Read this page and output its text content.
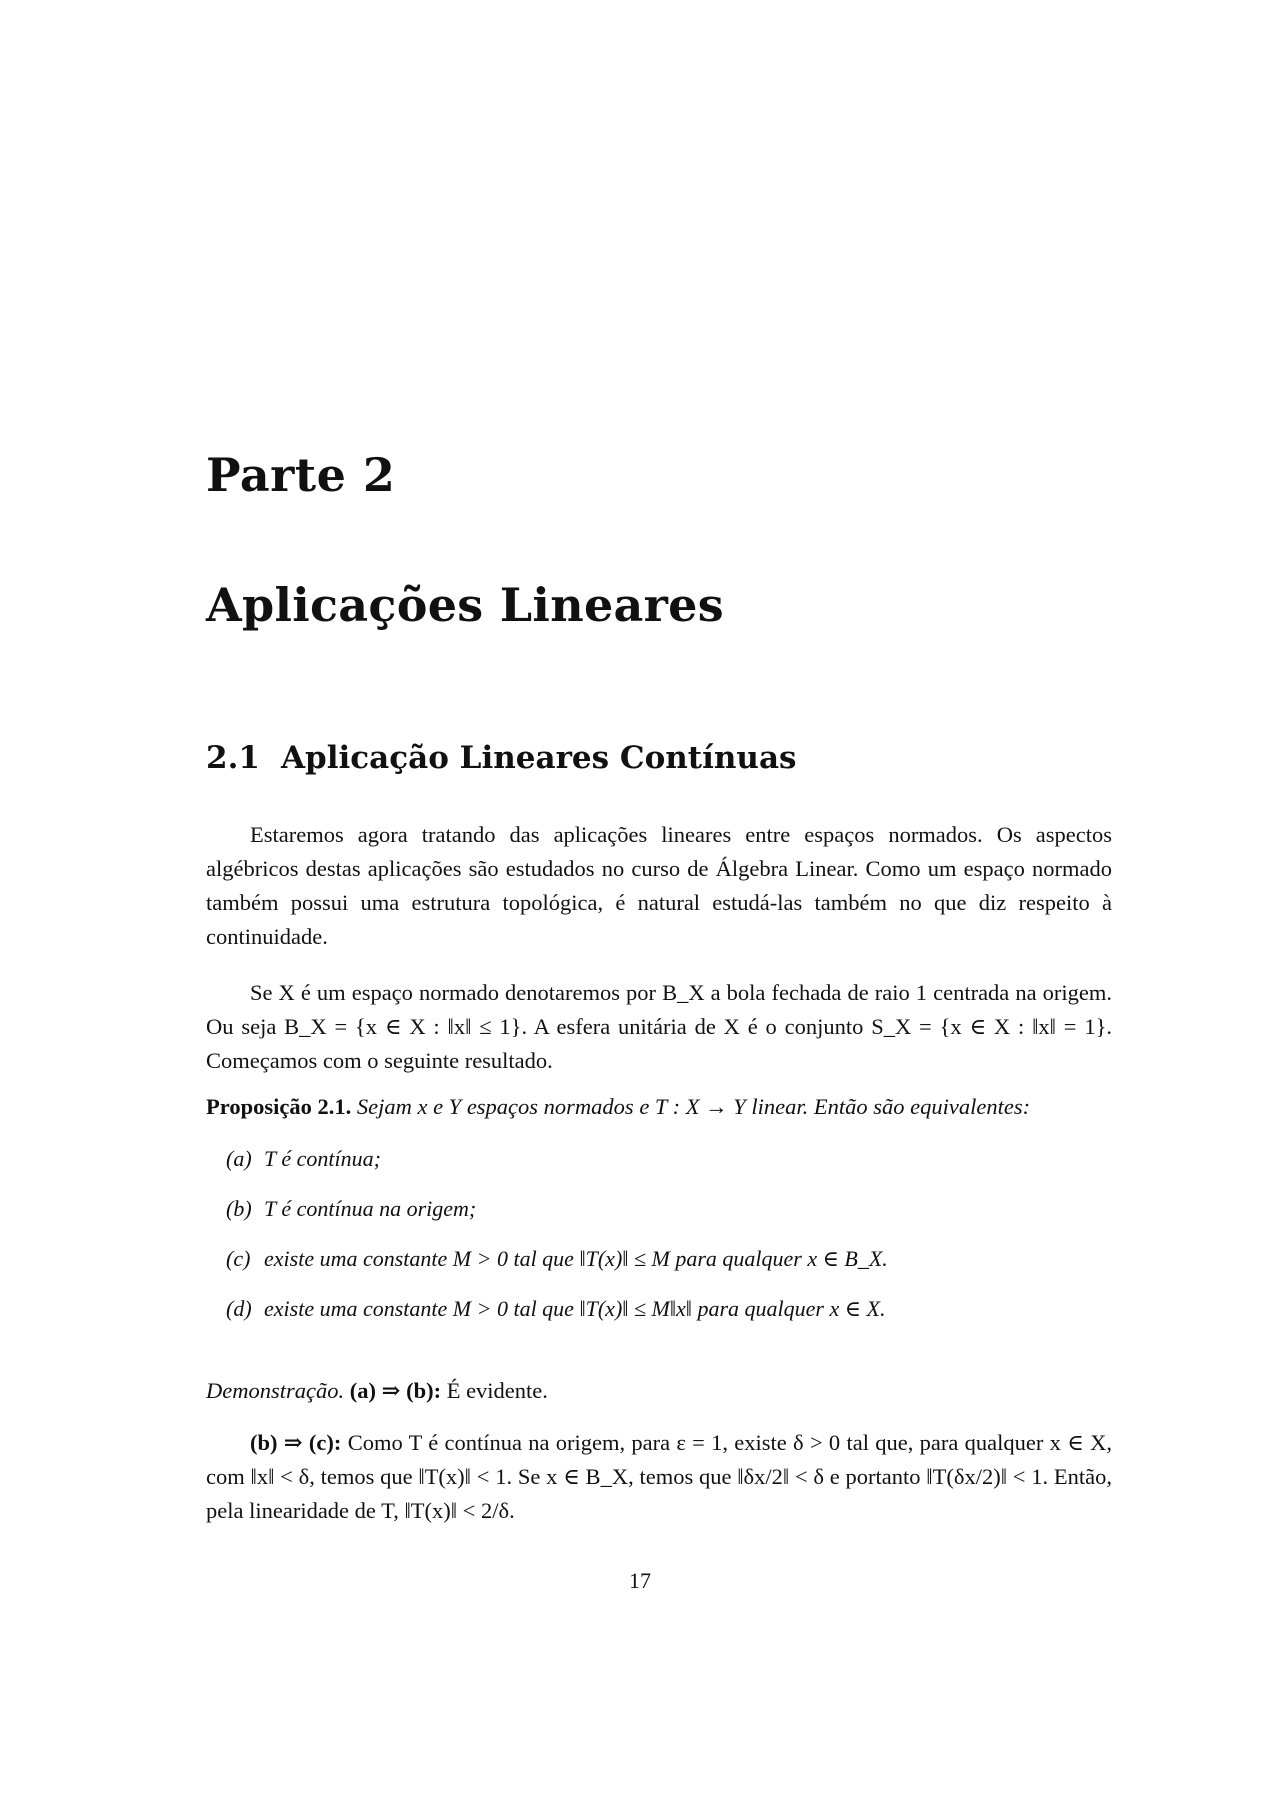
Parte 2
Aplicações Lineares
2.1 Aplicação Lineares Contínuas

Estaremos agora tratando das aplicações lineares entre espaços normados. Os aspectos algébricos destas aplicações são estudados no curso de Álgebra Linear. Como um espaço normado também possui uma estrutura topológica, é natural estudá-las também no que diz respeito à continuidade.

Se X é um espaço normado denotaremos por B_X a bola fechada de raio 1 centrada na origem. Ou seja B_X = {x ∈ X : ‖x‖ ≤ 1}. A esfera unitária de X é o conjunto S_X = {x ∈ X : ‖x‖ = 1}. Começamos com o seguinte resultado.

Proposição 2.1. Sejam x e Y espaços normados e T : X → Y linear. Então são equivalentes:
(a) T é contínua;
(b) T é contínua na origem;
(c) existe uma constante M > 0 tal que ‖T(x)‖ ≤ M para qualquer x ∈ B_X.
(d) existe uma constante M > 0 tal que ‖T(x)‖ ≤ M‖x‖ para qualquer x ∈ X.
Demonstração. (a) ⇒ (b): É evidente.

(b) ⇒ (c): Como T é contínua na origem, para ε = 1, existe δ > 0 tal que, para qualquer x ∈ X, com ‖x‖ < δ, temos que ‖T(x)‖ < 1. Se x ∈ B_X, temos que ‖δx/2‖ < δ e portanto ‖T(δx/2)‖ < 1. Então, pela linearidade de T, ‖T(x)‖ < 2/δ.

17
